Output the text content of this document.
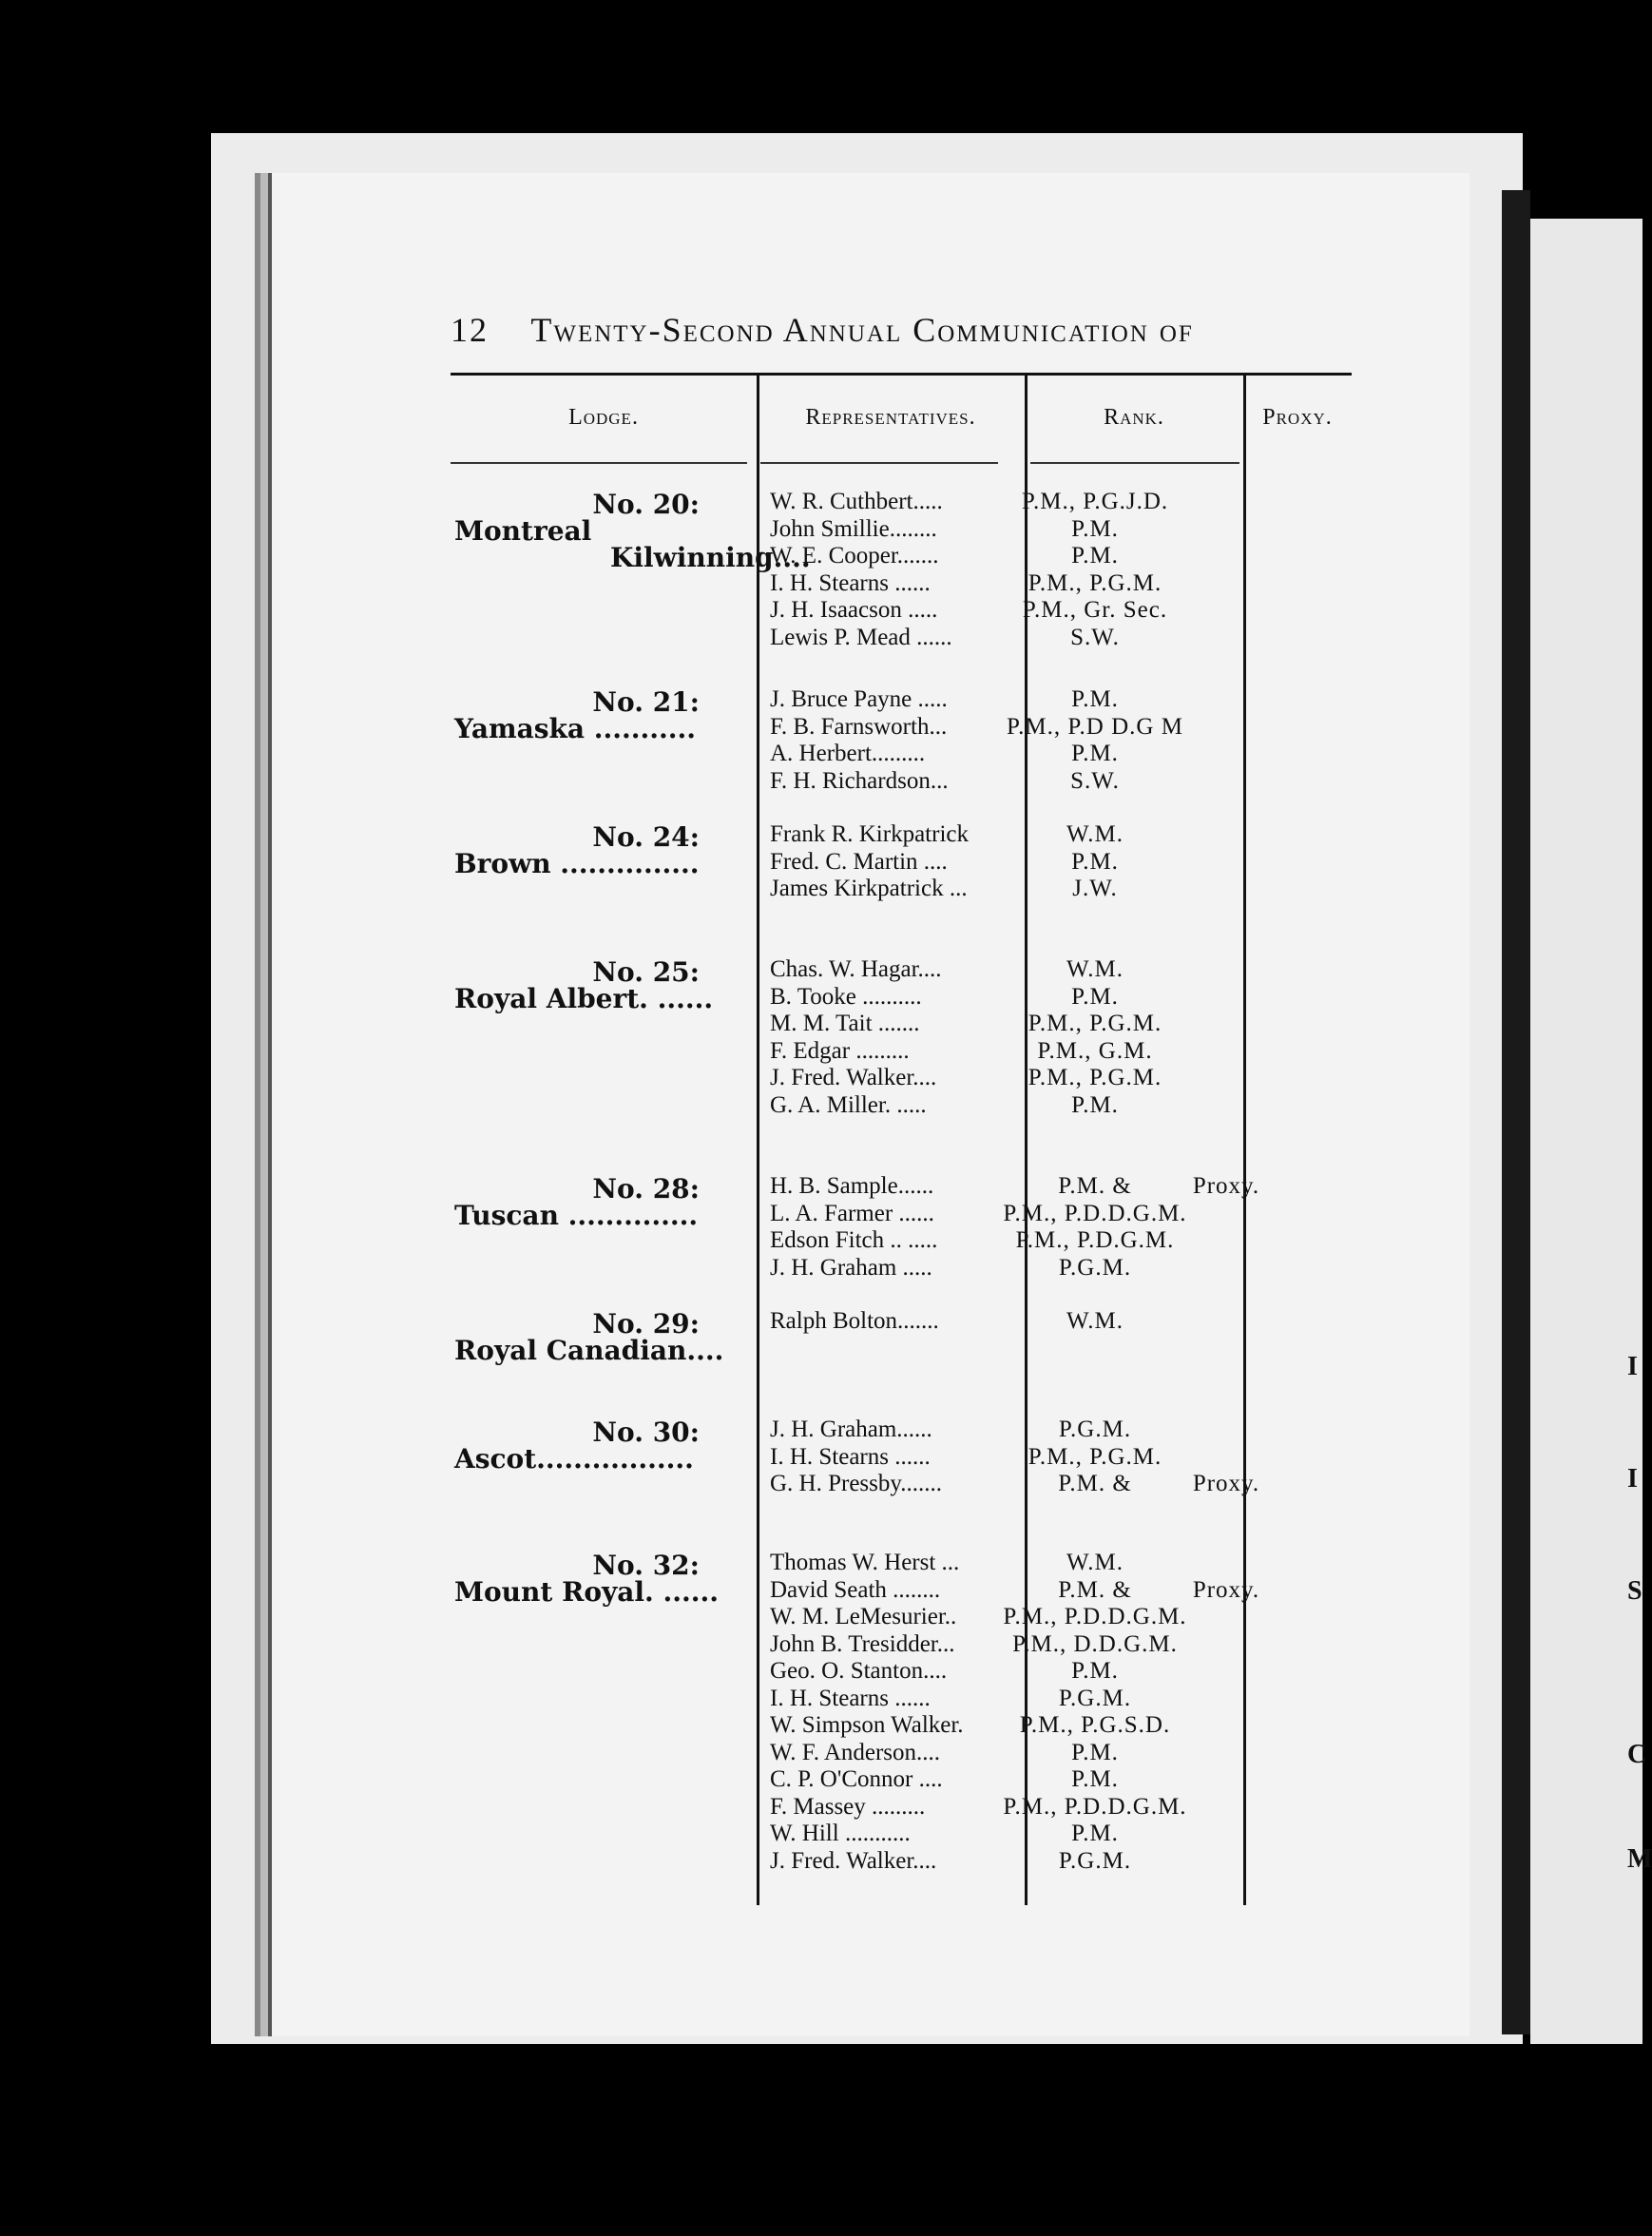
I
I
S
C
M
12 Twenty-Second Annual Communication of
Lodge.	Representatives.	Rank.	Proxy.
No. 20:
Montreal
Kilwinning....
W. R. Cuthbert.....	P.M., P.G.J.D.
John Smillie........	P.M.
W. E. Cooper.......	P.M.
I. H. Stearns ......	P.M., P.G.M.
J. H. Isaacson .....	P.M., Gr. Sec.
Lewis P. Mead ......	S.W.
No. 21:
Yamaska ...........
J. Bruce Payne .....	P.M.
F. B. Farnsworth...	P.M., P.D D.G M
A. Herbert.........	P.M.
F. H. Richardson...	S.W.
No. 24:
Brown ...............
Frank R. Kirkpatrick	W.M.
Fred. C. Martin ....	P.M.
James Kirkpatrick ...	J.W.
No. 25:
Royal Albert. ......
Chas. W. Hagar....	W.M.
B. Tooke ..........	P.M.
M. M. Tait .......	P.M., P.G.M.
F. Edgar .........	P.M., G.M.
J. Fred. Walker....	P.M., P.G.M.
G. A. Miller. .....	P.M.
No. 28:
Tuscan ..............
H. B. Sample......	P.M. &	Proxy.
L. A. Farmer ......	P.M., P.D.D.G.M.
Edson Fitch .. .....	P.M., P.D.G.M.
J. H. Graham .....	P.G.M.
No. 29:
Royal Canadian....
Ralph Bolton.......	W.M.
No. 30:
Ascot.................
J. H. Graham......	P.G.M.
I. H. Stearns ......	P.M., P.G.M.
G. H. Pressby.......	P.M. &	Proxy.
No. 32:
Mount Royal. ......
Thomas W. Herst ...	W.M.
David Seath ........	P.M. &	Proxy.
W. M. LeMesurier..	P.M., P.D.D.G.M.
John B. Tresidder...	P.M., D.D.G.M.
Geo. O. Stanton....	P.M.
I. H. Stearns ......	P.G.M.
W. Simpson Walker.	P.M., P.G.S.D.
W. F. Anderson....	P.M.
C. P. O'Connor ....	P.M.
F. Massey .........	P.M., P.D.D.G.M.
W. Hill ...........	P.M.
J. Fred. Walker....	P.G.M.
